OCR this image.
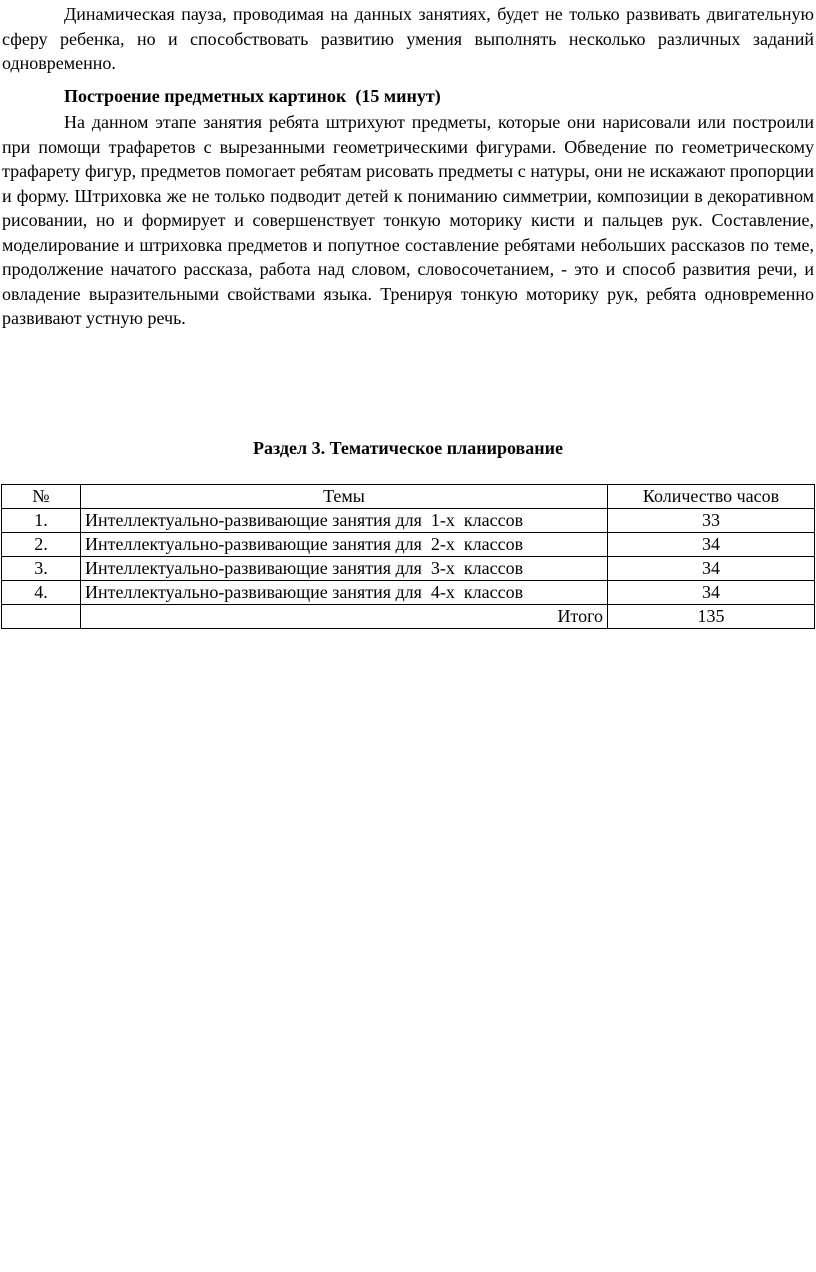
Динамическая пауза, проводимая на данных занятиях, будет не только развивать двигательную сферу ребенка, но и способствовать развитию умения выполнять несколько различных заданий одновременно.

Построение предметных картинок  (15 минут)

На данном этапе занятия ребята штрихуют предметы, которые они нарисовали или построили при помощи трафаретов с вырезанными геометрическими фигурами. Обведение по геометрическому трафарету фигур, предметов помогает ребятам рисовать предметы с натуры, они не искажают пропорции и форму. Штриховка же не только подводит детей к пониманию симметрии, композиции в декоративном рисовании, но и формирует и совершенствует тонкую моторику кисти и пальцев рук. Составление, моделирование и штриховка предметов и попутное составление ребятами небольших рассказов по теме, продолжение начатого рассказа, работа над словом, словосочетанием, - это и способ развития речи, и овладение выразительными свойствами языка. Тренируя тонкую моторику рук, ребята одновременно развивают устную речь.

Раздел 3. Тематическое планирование

№	Темы	Количество часов
1.	Интеллектуально-развивающие занятия для  1-х  классов	33
2.	Интеллектуально-развивающие занятия для  2-х  классов	34
3.	Интеллектуально-развивающие занятия для  3-х  классов	34
4.	Интеллектуально-развивающие занятия для  4-х  классов	34
	Итого	135
